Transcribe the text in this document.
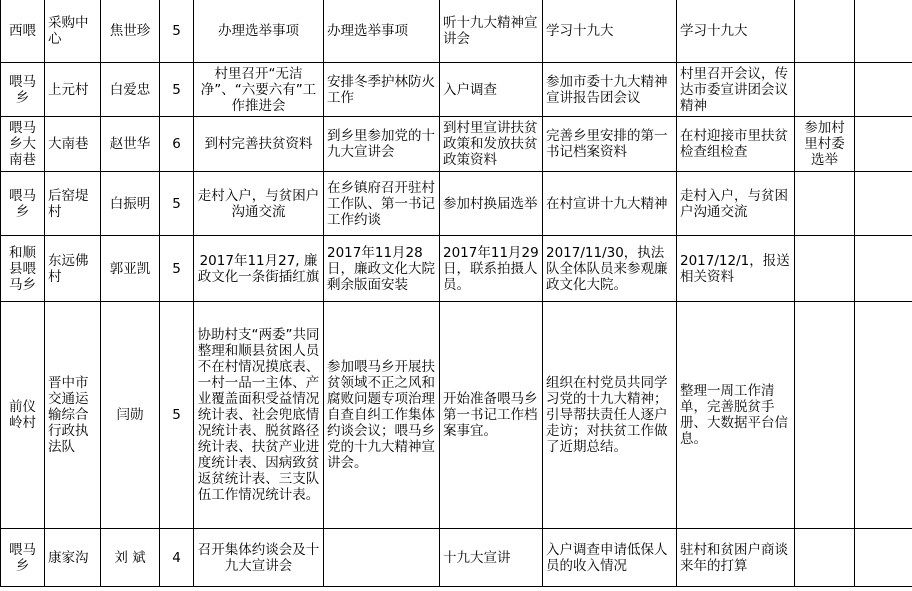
西喂	采购中心	焦世珍	5	办理选举事项	办理选举事项	听十九大精神宣讲会	学习十九大	学习十九大		
喂马乡	上元村	白爱忠	5	村里召开“无洁净”、“六要六有”工作推进会	安排冬季护林防火工作	入户调查	参加市委十九大精神宣讲报告团会议	村里召开会议，传达市委宣讲团会议精神		
喂马乡大南巷	大南巷	赵世华	6	到村完善扶贫资料	到乡里参加党的十九大宣讲会	到村里宣讲扶贫政策和发放扶贫政策资料	完善乡里安排的第一书记档案资料	在村迎接市里扶贫检查组检查	参加村里村委选举	
喂马乡	后窑堤村	白振明	5	走村入户，与贫困户沟通交流	在乡镇府召开驻村工作队、第一书记工作约谈	参加村换届选举	在村宣讲十九大精神	走村入户，与贫困户沟通交流		
和顺县喂马乡	东远佛村	郭亚凯	5	2017年11月27, 廉政文化一条街插红旗	2017年11月28日，廉政文化大院剩余版面安装	2017年11月29日，联系拍摄人员。	2017/11/30，执法队全体队员来参观廉政文化大院。	2017/12/1，报送相关资料		
前仪岭村	晋中市交通运输综合行政执法队	闫勋	5	协助村支“两委”共同整理和顺县贫困人员不在村情况摸底表、一村一品一主体、产业覆盖面积受益情况统计表、社会兜底情况统计表、脱贫路径统计表、扶贫产业进度统计表、因病致贫返贫统计表、三支队伍工作情况统计表。	参加喂马乡开展扶贫领域不正之风和腐败问题专项治理自查自纠工作集体约谈会议；喂马乡党的十九大精神宣讲会。	开始准备喂马乡第一书记工作档案事宜。	组织在村党员共同学习党的十九大精神；引导帮扶责任人逐户走访；对扶贫工作做了近期总结。	整理一周工作清单，完善脱贫手册、大数据平台信息。		
喂马乡	康家沟	刘 斌	4	召开集体约谈会及十九大宣讲会		十九大宣讲	入户调查申请低保人员的收入情况	驻村和贫困户商谈来年的打算		
